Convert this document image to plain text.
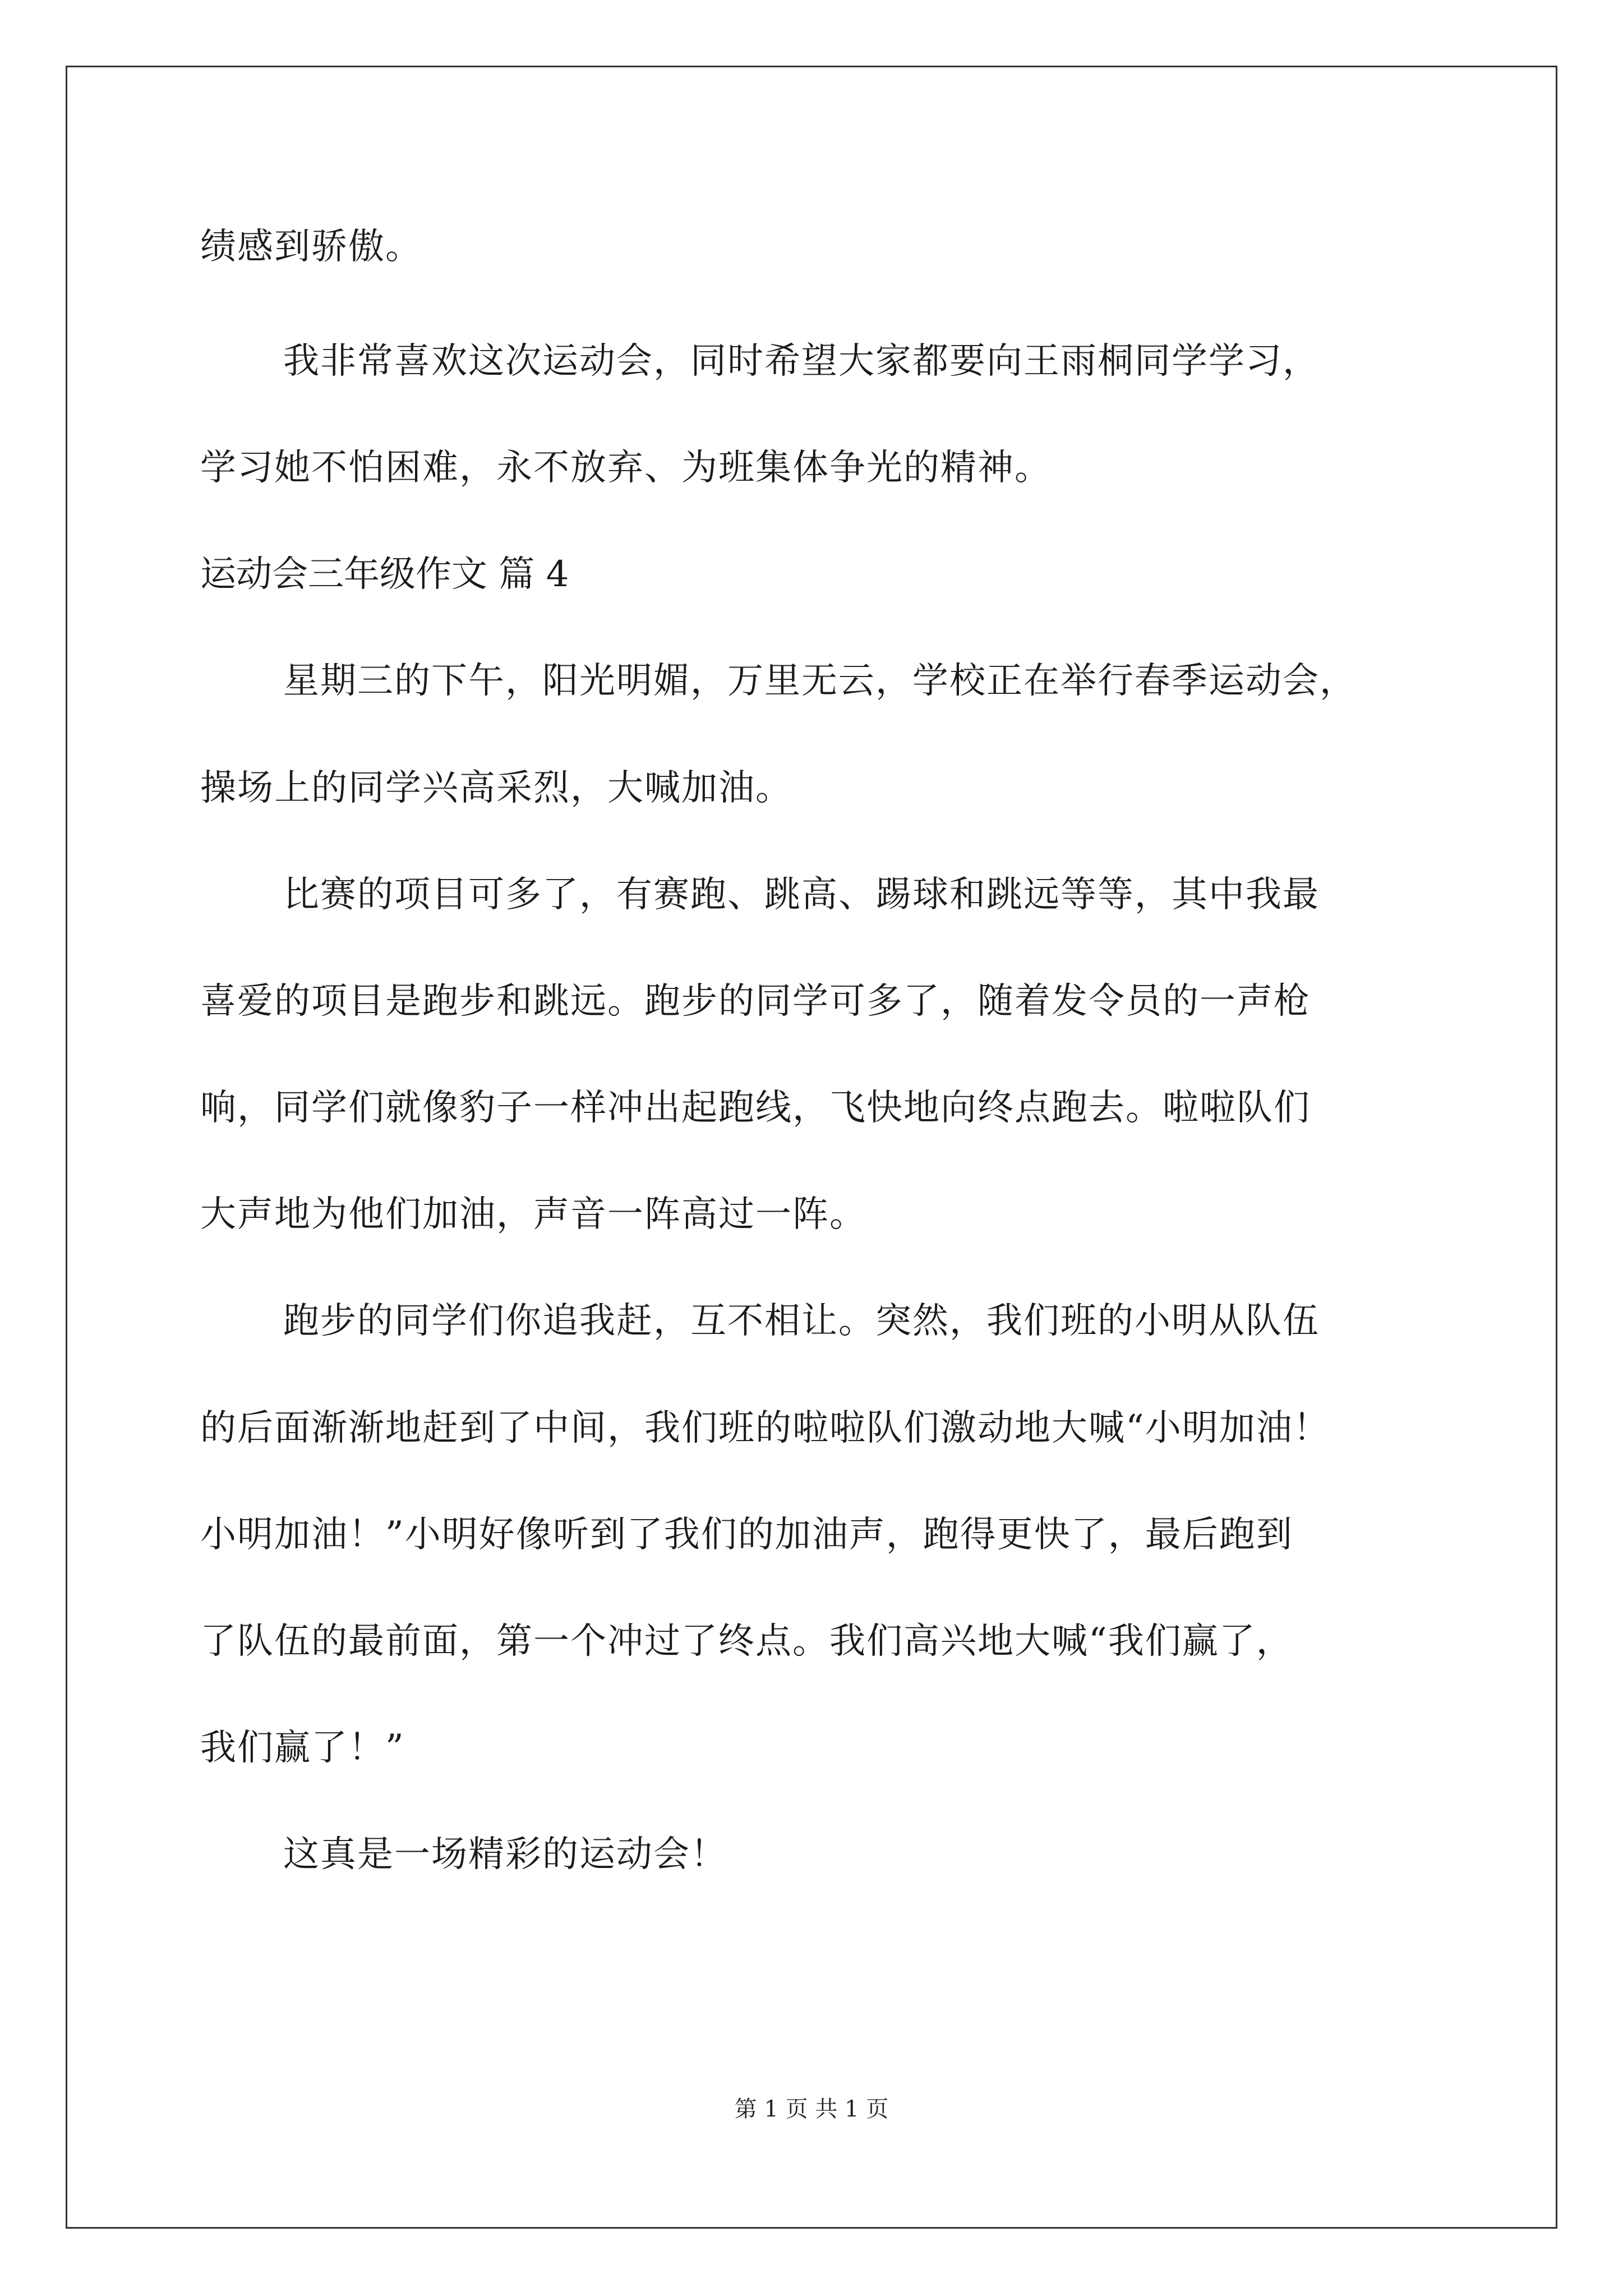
绩感到骄傲。
我非常喜欢这次运动会，同时希望大家都要向王雨桐同学学习，
学习她不怕困难，永不放弃、为班集体争光的精神。
运动会三年级作文 篇 4
星期三的下午，阳光明媚，万里无云，学校正在举行春季运动会，
操场上的同学兴高采烈，大喊加油。
比赛的项目可多了，有赛跑、跳高、踢球和跳远等等，其中我最
喜爱的项目是跑步和跳远。跑步的同学可多了，随着发令员的一声枪
响，同学们就像豹子一样冲出起跑线，飞快地向终点跑去。啦啦队们
大声地为他们加油，声音一阵高过一阵。
跑步的同学们你追我赶，互不相让。突然，我们班的小明从队伍
的后面渐渐地赶到了中间，我们班的啦啦队们激动地大喊“小明加油！
小明加油！”小明好像听到了我们的加油声，跑得更快了，最后跑到
了队伍的最前面，第一个冲过了终点。我们高兴地大喊“我们赢了，
我们赢了！”
这真是一场精彩的运动会！
第 1 页 共 1 页
